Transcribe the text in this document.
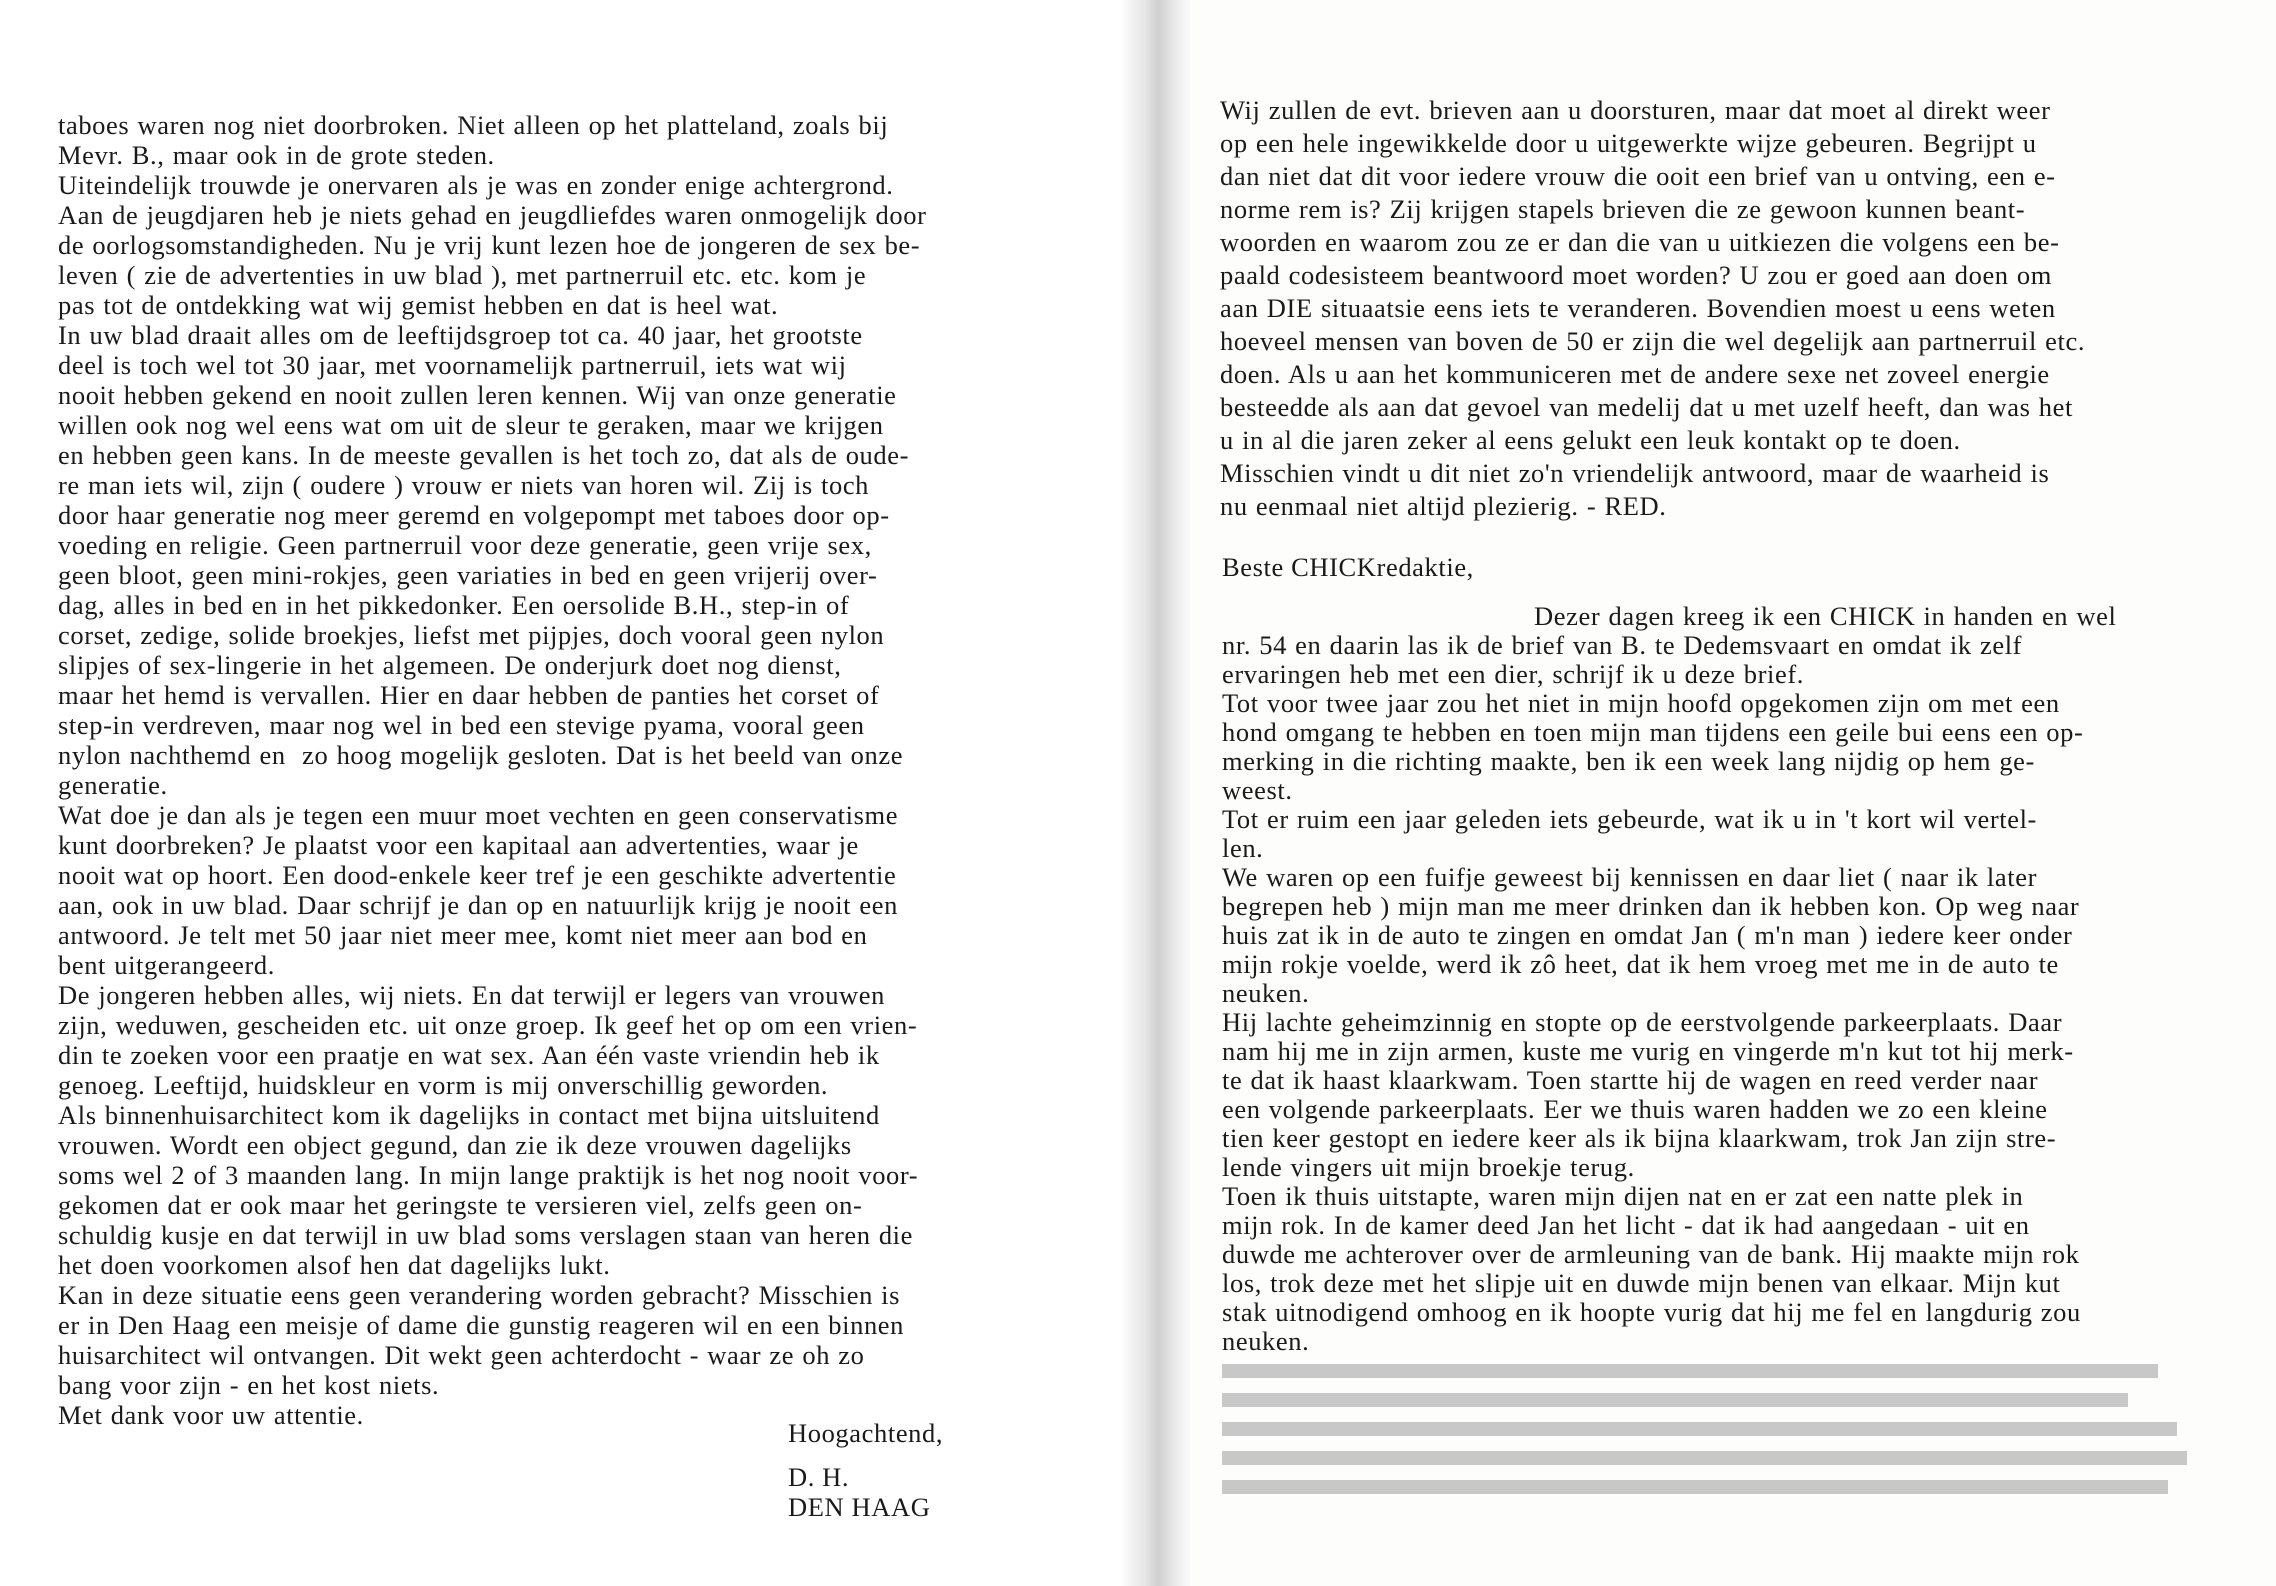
taboes waren nog niet doorbroken. Niet alleen op het platteland, zoals bij
Mevr. B., maar ook in de grote steden.
Uiteindelijk trouwde je onervaren als je was en zonder enige achtergrond.
Aan de jeugdjaren heb je niets gehad en jeugdliefdes waren onmogelijk door
de oorlogsomstandigheden. Nu je vrij kunt lezen hoe de jongeren de sex be-
leven ( zie de advertenties in uw blad ), met partnerruil etc. etc. kom je
pas tot de ontdekking wat wij gemist hebben en dat is heel wat.
In uw blad draait alles om de leeftijdsgroep tot ca. 40 jaar, het grootste
deel is toch wel tot 30 jaar, met voornamelijk partnerruil, iets wat wij
nooit hebben gekend en nooit zullen leren kennen. Wij van onze generatie
willen ook nog wel eens wat om uit de sleur te geraken, maar we krijgen
en hebben geen kans. In de meeste gevallen is het toch zo, dat als de oude-
re man iets wil, zijn ( oudere ) vrouw er niets van horen wil. Zij is toch
door haar generatie nog meer geremd en volgepompt met taboes door op-
voeding en religie. Geen partnerruil voor deze generatie, geen vrije sex,
geen bloot, geen mini-rokjes, geen variaties in bed en geen vrijerij over-
dag, alles in bed en in het pikkedonker. Een oersolide B.H., step-in of
corset, zedige, solide broekjes, liefst met pijpjes, doch vooral geen nylon
slipjes of sex-lingerie in het algemeen. De onderjurk doet nog dienst,
maar het hemd is vervallen. Hier en daar hebben de panties het corset of
step-in verdreven, maar nog wel in bed een stevige pyama, vooral geen
nylon nachthemd en  zo hoog mogelijk gesloten. Dat is het beeld van onze
generatie.
Wat doe je dan als je tegen een muur moet vechten en geen conservatisme
kunt doorbreken? Je plaatst voor een kapitaal aan advertenties, waar je
nooit wat op hoort. Een dood-enkele keer tref je een geschikte advertentie
aan, ook in uw blad. Daar schrijf je dan op en natuurlijk krijg je nooit een
antwoord. Je telt met 50 jaar niet meer mee, komt niet meer aan bod en
bent uitgerangeerd.
De jongeren hebben alles, wij niets. En dat terwijl er legers van vrouwen
zijn, weduwen, gescheiden etc. uit onze groep. Ik geef het op om een vrien-
din te zoeken voor een praatje en wat sex. Aan één vaste vriendin heb ik
genoeg. Leeftijd, huidskleur en vorm is mij onverschillig geworden.
Als binnenhuisarchitect kom ik dagelijks in contact met bijna uitsluitend
vrouwen. Wordt een object gegund, dan zie ik deze vrouwen dagelijks
soms wel 2 of 3 maanden lang. In mijn lange praktijk is het nog nooit voor-
gekomen dat er ook maar het geringste te versieren viel, zelfs geen on-
schuldig kusje en dat terwijl in uw blad soms verslagen staan van heren die
het doen voorkomen alsof hen dat dagelijks lukt.
Kan in deze situatie eens geen verandering worden gebracht? Misschien is
er in Den Haag een meisje of dame die gunstig reageren wil en een binnen
huisarchitect wil ontvangen. Dit wekt geen achterdocht - waar ze oh zo
bang voor zijn - en het kost niets.
Met dank voor uw attentie.
Hoogachtend,
D. H.
DEN HAAG
Wij zullen de evt. brieven aan u doorsturen, maar dat moet al direkt weer
op een hele ingewikkelde door u uitgewerkte wijze gebeuren. Begrijpt u
dan niet dat dit voor iedere vrouw die ooit een brief van u ontving, een e-
norme rem is? Zij krijgen stapels brieven die ze gewoon kunnen beant-
woorden en waarom zou ze er dan die van u uitkiezen die volgens een be-
paald codesisteem beantwoord moet worden? U zou er goed aan doen om
aan DIE situaatsie eens iets te veranderen. Bovendien moest u eens weten
hoeveel mensen van boven de 50 er zijn die wel degelijk aan partnerruil etc.
doen. Als u aan het kommuniceren met de andere sexe net zoveel energie
besteedde als aan dat gevoel van medelij dat u met uzelf heeft, dan was het
u in al die jaren zeker al eens gelukt een leuk kontakt op te doen.
Misschien vindt u dit niet zo'n vriendelijk antwoord, maar de waarheid is
nu eenmaal niet altijd plezierig. - RED.
Beste CHICKredaktie,
Dezer dagen kreeg ik een CHICK in handen en wel
nr. 54 en daarin las ik de brief van B. te Dedemsvaart en omdat ik zelf
ervaringen heb met een dier, schrijf ik u deze brief.
Tot voor twee jaar zou het niet in mijn hoofd opgekomen zijn om met een
hond omgang te hebben en toen mijn man tijdens een geile bui eens een op-
merking in die richting maakte, ben ik een week lang nijdig op hem ge-
weest.
Tot er ruim een jaar geleden iets gebeurde, wat ik u in 't kort wil vertel-
len.
We waren op een fuifje geweest bij kennissen en daar liet ( naar ik later
begrepen heb ) mijn man me meer drinken dan ik hebben kon. Op weg naar
huis zat ik in de auto te zingen en omdat Jan ( m'n man ) iedere keer onder
mijn rokje voelde, werd ik zô heet, dat ik hem vroeg met me in de auto te
neuken.
Hij lachte geheimzinnig en stopte op de eerstvolgende parkeerplaats. Daar
nam hij me in zijn armen, kuste me vurig en vingerde m'n kut tot hij merk-
te dat ik haast klaarkwam. Toen startte hij de wagen en reed verder naar
een volgende parkeerplaats. Eer we thuis waren hadden we zo een kleine
tien keer gestopt en iedere keer als ik bijna klaarkwam, trok Jan zijn stre-
lende vingers uit mijn broekje terug.
Toen ik thuis uitstapte, waren mijn dijen nat en er zat een natte plek in
mijn rok. In de kamer deed Jan het licht - dat ik had aangedaan - uit en
duwde me achterover over de armleuning van de bank. Hij maakte mijn rok
los, trok deze met het slipje uit en duwde mijn benen van elkaar. Mijn kut
stak uitnodigend omhoog en ik hoopte vurig dat hij me fel en langdurig zou
neuken.
